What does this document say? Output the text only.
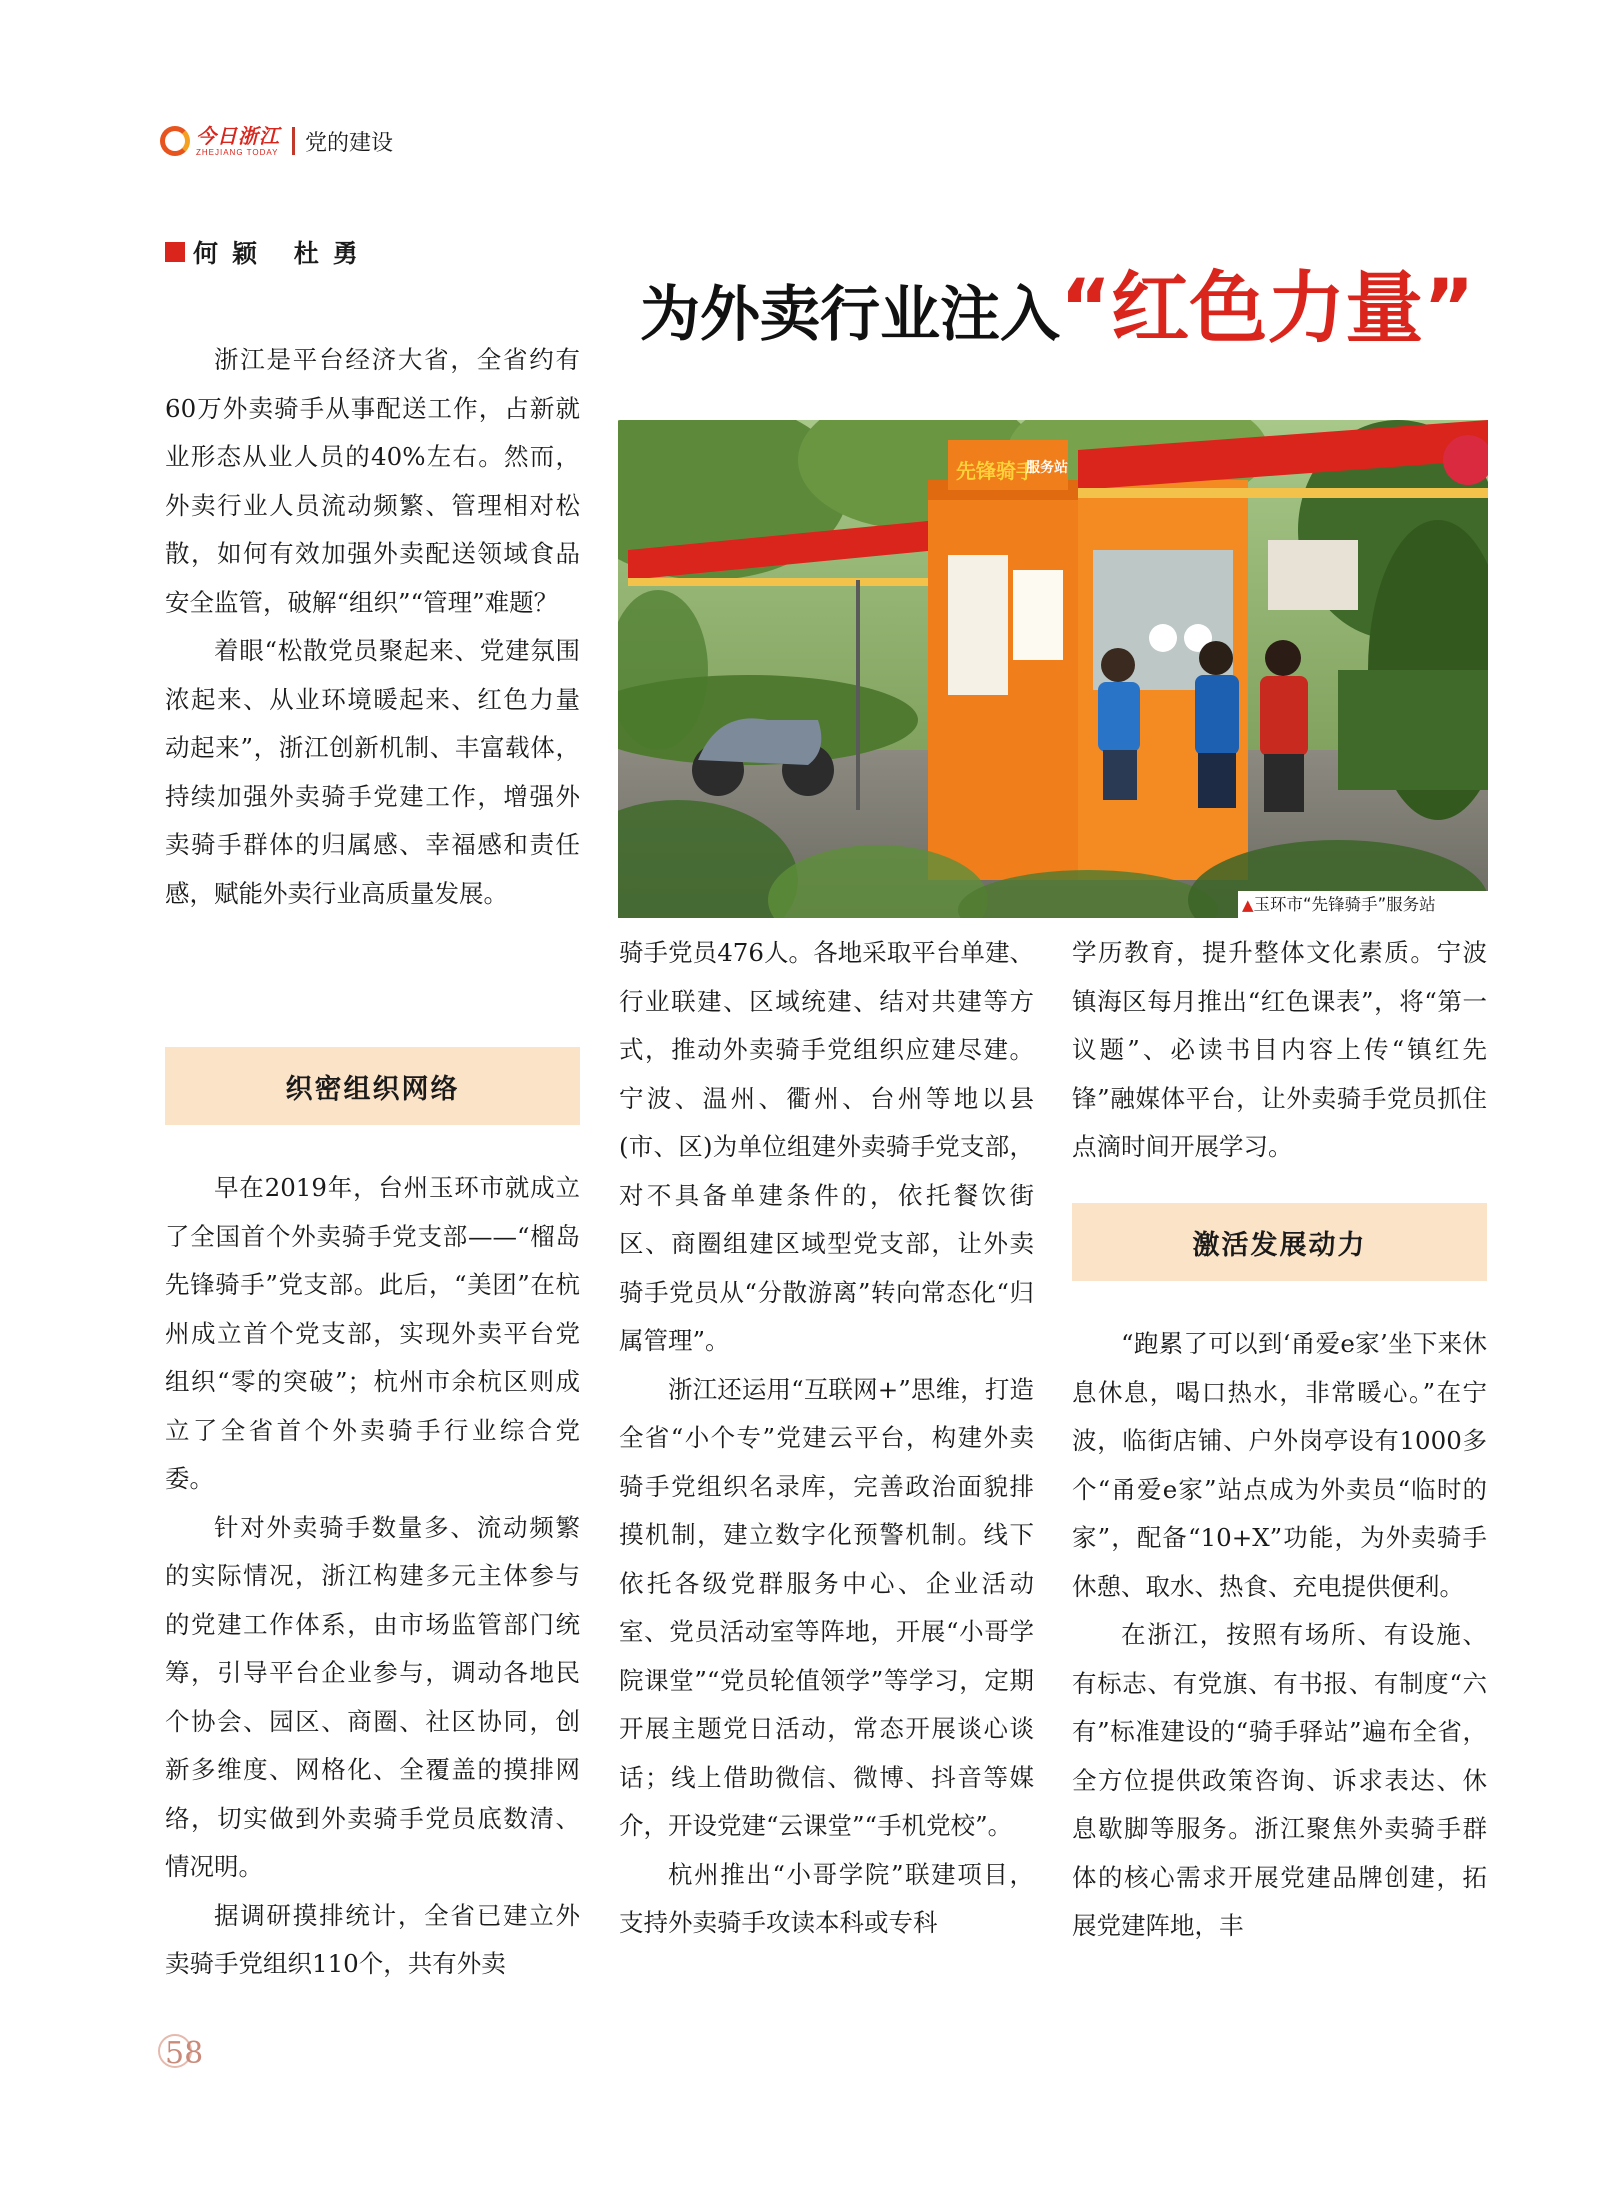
今日浙江
ZHEJIANG TODAY 党的建设
何颖 杜勇
为外卖行业注入“红色力量”
先锋骑手
服务站
▲玉环市“先锋骑手”服务站

浙江是平台经济大省，全省约有60万外卖骑手从事配送工作，占新就业形态从业人员的40%左右。然而，外卖行业人员流动频繁、管理相对松散，如何有效加强外卖配送领域食品安全监管，破解“组织”“管理”难题？

着眼“松散党员聚起来、党建氛围浓起来、从业环境暖起来、红色力量动起来”，浙江创新机制、丰富载体，持续加强外卖骑手党建工作，增强外卖骑手群体的归属感、幸福感和责任感，赋能外卖行业高质量发展。

织密组织网络

早在2019年，台州玉环市就成立了全国首个外卖骑手党支部——“榴岛先锋骑手”党支部。此后，“美团”在杭州成立首个党支部，实现外卖平台党组织“零的突破”；杭州市余杭区则成立了全省首个外卖骑手行业综合党委。

针对外卖骑手数量多、流动频繁的实际情况，浙江构建多元主体参与的党建工作体系，由市场监管部门统筹，引导平台企业参与，调动各地民个协会、园区、商圈、社区协同，创新多维度、网格化、全覆盖的摸排网络，切实做到外卖骑手党员底数清、情况明。

据调研摸排统计，全省已建立外卖骑手党组织110个，共有外卖

骑手党员476人。各地采取平台单建、行业联建、区域统建、结对共建等方式，推动外卖骑手党组织应建尽建。宁波、温州、衢州、台州等地以县(市、区)为单位组建外卖骑手党支部，对不具备单建条件的，依托餐饮街区、商圈组建区域型党支部，让外卖骑手党员从“分散游离”转向常态化“归属管理”。

浙江还运用“互联网+”思维，打造全省“小个专”党建云平台，构建外卖骑手党组织名录库，完善政治面貌排摸机制，建立数字化预警机制。线下依托各级党群服务中心、企业活动室、党员活动室等阵地，开展“小哥学院课堂”“党员轮值领学”等学习，定期开展主题党日活动，常态开展谈心谈话；线上借助微信、微博、抖音等媒介，开设党建“云课堂”“手机党校”。

杭州推出“小哥学院”联建项目，支持外卖骑手攻读本科或专科

学历教育，提升整体文化素质。宁波镇海区每月推出“红色课表”，将“第一议题”、必读书目内容上传“镇红先锋”融媒体平台，让外卖骑手党员抓住点滴时间开展学习。

激活发展动力

“跑累了可以到‘甬爱e家’坐下来休息休息，喝口热水，非常暖心。”在宁波，临街店铺、户外岗亭设有1000多个“甬爱e家”站点成为外卖员“临时的家”，配备“10+X”功能，为外卖骑手休憩、取水、热食、充电提供便利。

在浙江，按照有场所、有设施、有标志、有党旗、有书报、有制度“六有”标准建设的“骑手驿站”遍布全省，全方位提供政策咨询、诉求表达、休息歇脚等服务。浙江聚焦外卖骑手群体的核心需求开展党建品牌创建，拓展党建阵地，丰

58
